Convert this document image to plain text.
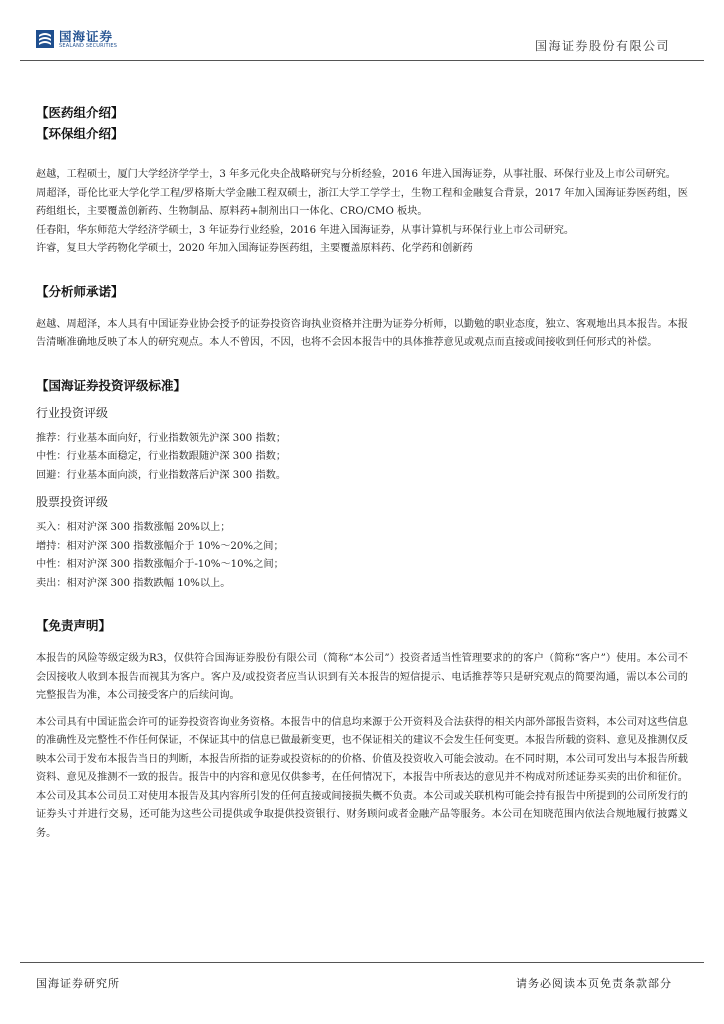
国海证券
SEALAND SECURITIES	国海证券股份有限公司
【医药组介绍】
【环保组介绍】

赵越，工程硕士，厦门大学经济学学士，3 年多元化央企战略研究与分析经验，2016 年进入国海证券，从事社服、环保行业及上市公司研究。

周超泽，哥伦比亚大学化学工程/罗格斯大学金融工程双硕士，浙江大学工学学士，生物工程和金融复合背景，2017 年加入国海证券医药组，医药组组长，主要覆盖创新药、生物制品、原料药+制剂出口一体化、CRO/CMO 板块。

任春阳，华东师范大学经济学硕士，3 年证券行业经验，2016 年进入国海证券，从事计算机与环保行业上市公司研究。

许睿，复旦大学药物化学硕士，2020 年加入国海证券医药组，主要覆盖原料药、化学药和创新药

【分析师承诺】

赵越、周超泽，本人具有中国证券业协会授予的证券投资咨询执业资格并注册为证券分析师，以勤勉的职业态度，独立、客观地出具本报告。本报告清晰准确地反映了本人的研究观点。本人不曾因，不因，也将不会因本报告中的具体推荐意见或观点而直接或间接收到任何形式的补偿。

【国海证券投资评级标准】
行业投资评级

推荐：行业基本面向好，行业指数领先沪深 300 指数；

中性：行业基本面稳定，行业指数跟随沪深 300 指数；

回避：行业基本面向淡，行业指数落后沪深 300 指数。

股票投资评级

买入：相对沪深 300 指数涨幅 20%以上；

增持：相对沪深 300 指数涨幅介于 10%～20%之间；

中性：相对沪深 300 指数涨幅介于-10%～10%之间；

卖出：相对沪深 300 指数跌幅 10%以上。

【免责声明】

本报告的风险等级定级为R3，仅供符合国海证券股份有限公司（简称“本公司”）投资者适当性管理要求的的客户（简称“客户”）使用。本公司不会因接收人收到本报告而视其为客户。客户及/或投资者应当认识到有关本报告的短信提示、电话推荐等只是研究观点的简要沟通，需以本公司的完整报告为准，本公司接受客户的后续问询。

本公司具有中国证监会许可的证券投资咨询业务资格。本报告中的信息均来源于公开资料及合法获得的相关内部外部报告资料，本公司对这些信息的准确性及完整性不作任何保证，不保证其中的信息已做最新变更，也不保证相关的建议不会发生任何变更。本报告所载的资料、意见及推测仅反映本公司于发布本报告当日的判断，本报告所指的证券或投资标的的价格、价值及投资收入可能会波动。在不同时期，本公司可发出与本报告所载资料、意见及推测不一致的报告。报告中的内容和意见仅供参考，在任何情况下，本报告中所表达的意见并不构成对所述证券买卖的出价和征价。本公司及其本公司员工对使用本报告及其内容所引发的任何直接或间接损失概不负责。本公司或关联机构可能会持有报告中所提到的公司所发行的证券头寸并进行交易，还可能为这些公司提供或争取提供投资银行、财务顾问或者金融产品等服务。本公司在知晓范围内依法合规地履行披露义务。

国海证券研究所	请务必阅读本页免责条款部分
